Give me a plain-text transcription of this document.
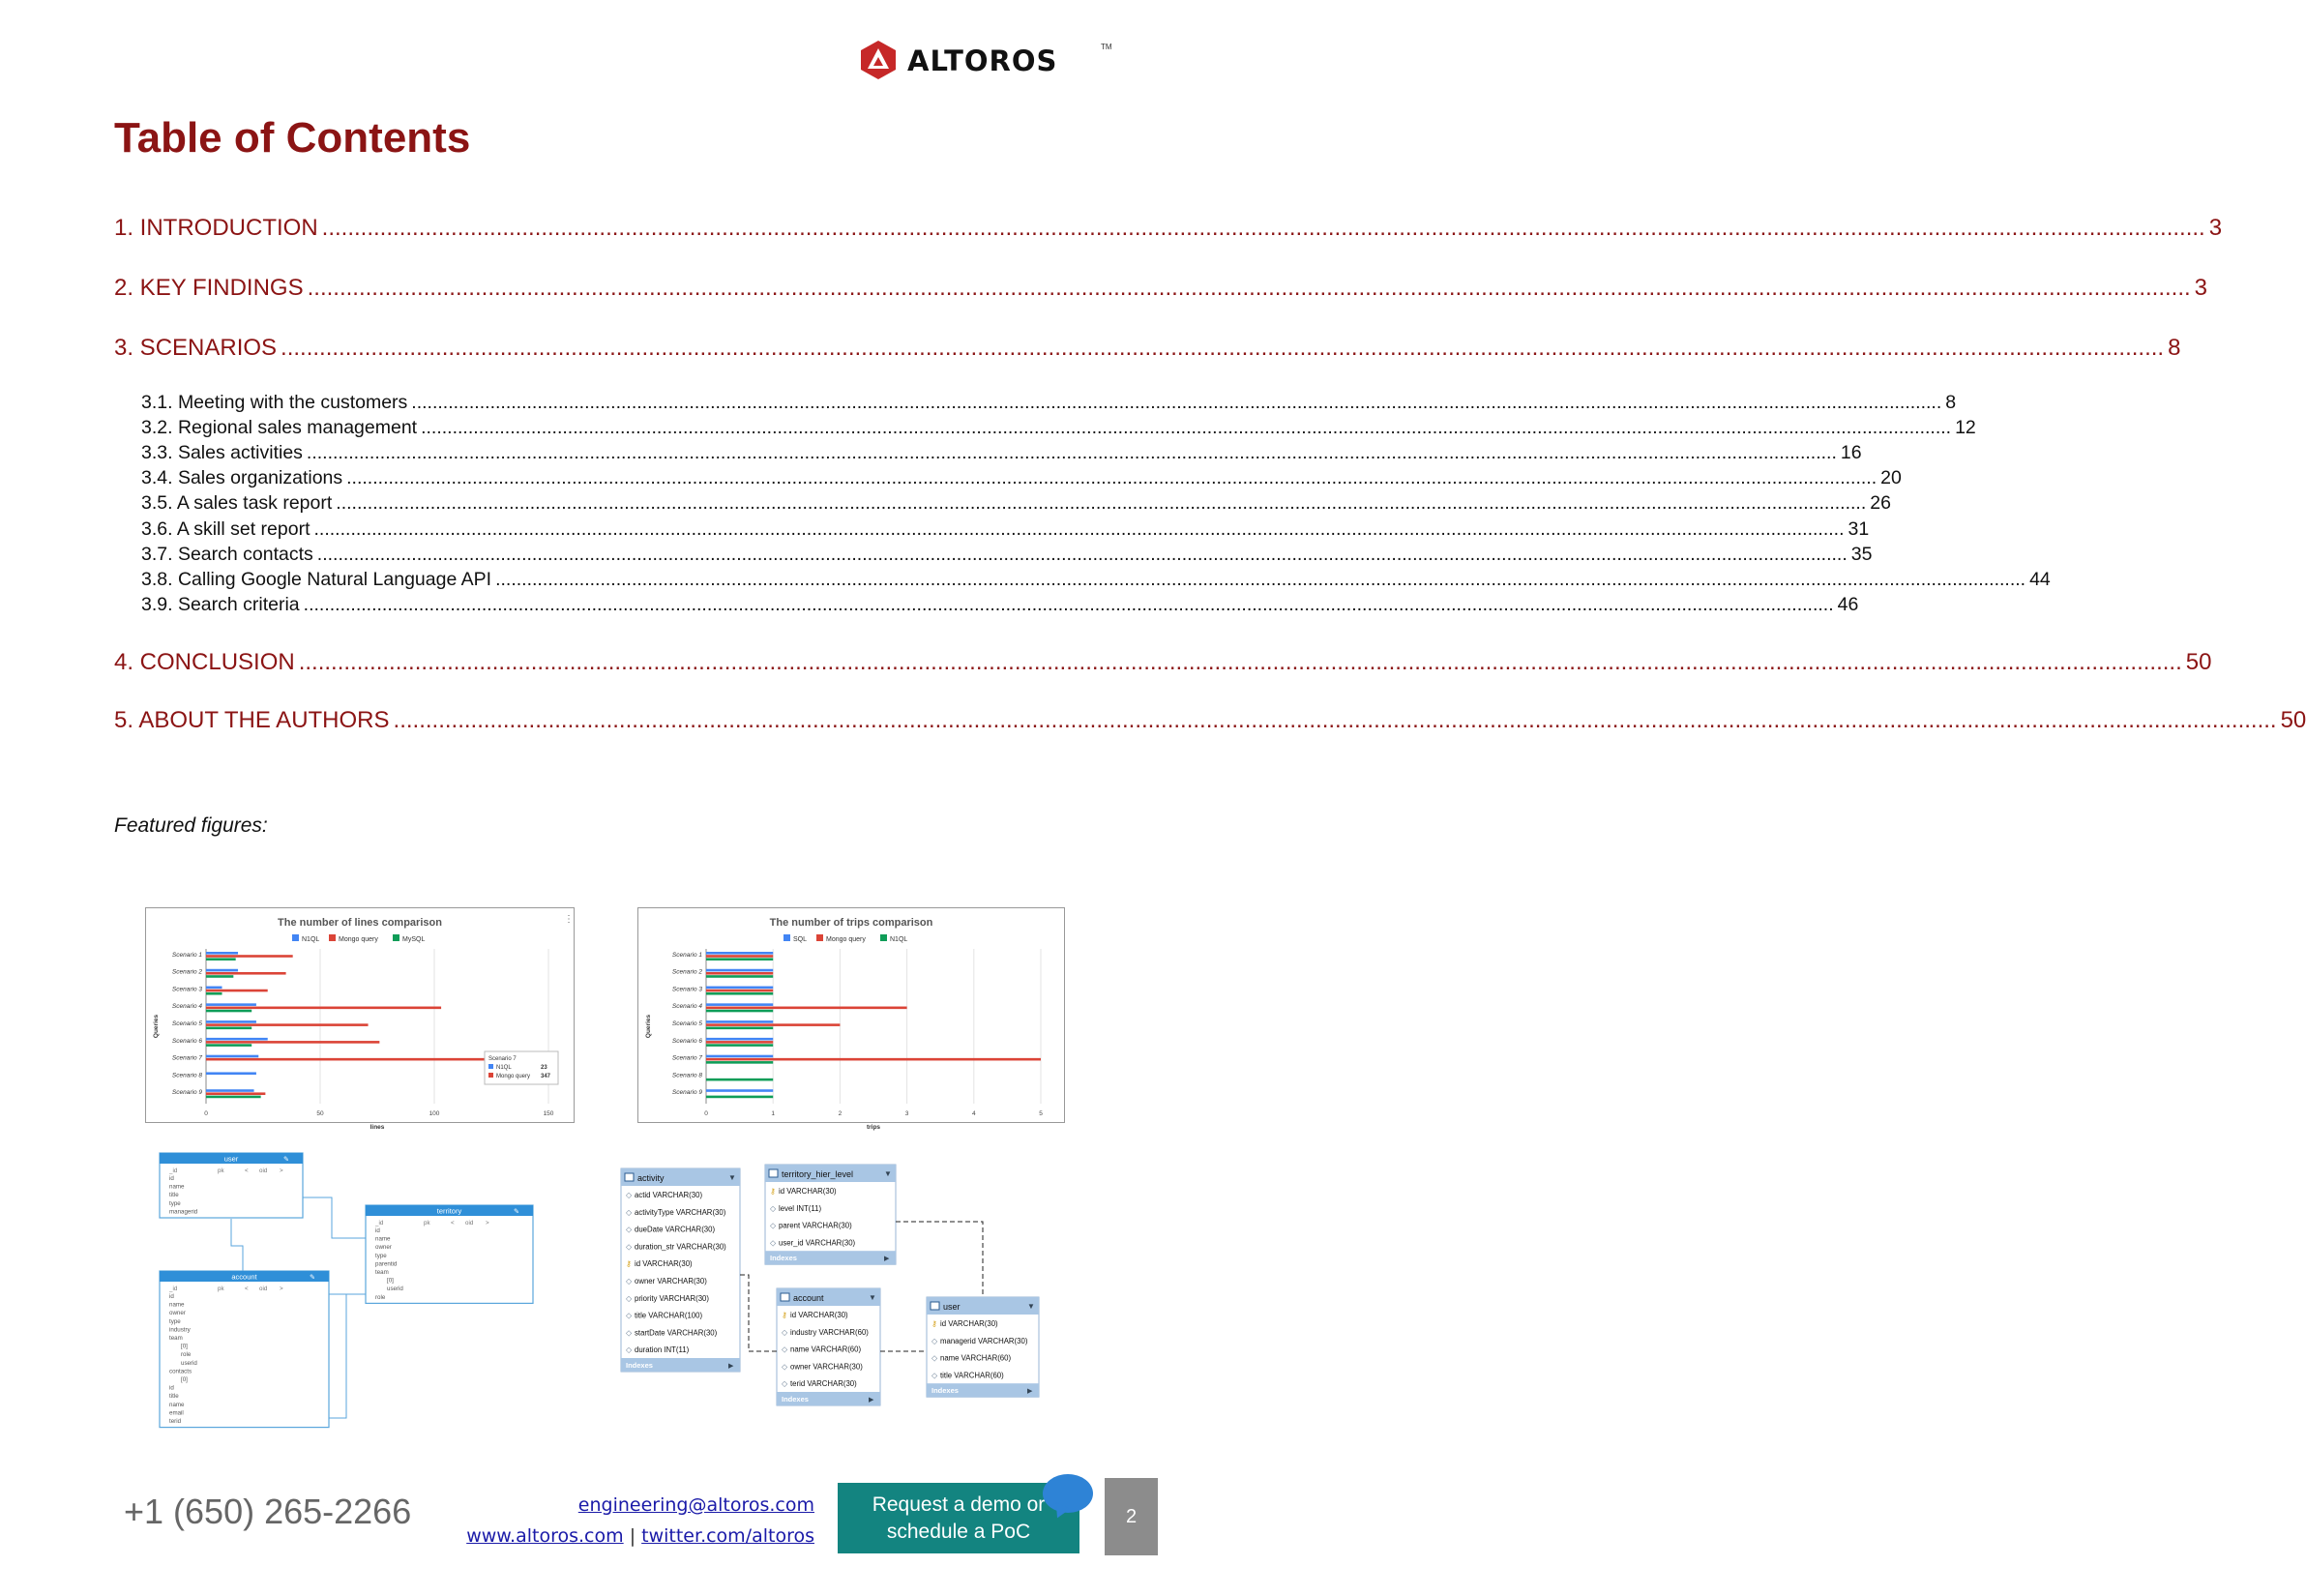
ALTOROS	TM
Table of Contents
1. INTRODUCTION .....	3
2. KEY FINDINGS .....	3
3. SCENARIOS .....	8
3.1. Meeting with the customers .....	8
3.2. Regional sales management .....	12
3.3. Sales activities .....	16
3.4. Sales organizations .....	20
3.5. A sales task report .....	26
3.6. A skill set report .....	31
3.7. Search contacts .....	35
3.8. Calling Google Natural Language API .....	44
3.9. Search criteria .....	46
4. CONCLUSION .....	50
5. ABOUT THE AUTHORS .....	50
Featured figures:
The number of lines comparison
N1QL	Mongo query	MySQL
0	50	100	150
lines
Queries
Scenario 1
Scenario 2
Scenario 3
Scenario 4
Scenario 5
Scenario 6
Scenario 7
Scenario 8
Scenario 9
Scenario 7
N1QL	23
Mongo query 347
⋮	The number of trips comparison
SQL	Mongo query	N1QL
0	1	2	3	4	5
trips
Queries
Scenario 1
Scenario 2
Scenario 3
Scenario 4
Scenario 5
Scenario 6
Scenario 7
Scenario 8
Scenario 9
user	✎
_id	pk	< oid >
id
name
title
type
managerid	territory	✎
_id	pk	< oid >
id
name
owner
type
parentid
team
[0]
userid
role
account	✎
_id	pk	< oid >
id
name
owner
type
industry
team
[0]
role
userid
contacts
[0]
id
title
name
email
terid
activity	▼
◇ actid VARCHAR(30)
◇ activityType VARCHAR(30)
◇ dueDate VARCHAR(30)
◇ duration_str VARCHAR(30)
⚷ id VARCHAR(30)
◇ owner VARCHAR(30)
◇ priority VARCHAR(30)
◇ title VARCHAR(100)
◇ startDate VARCHAR(30)
◇ duration INT(11)
Indexes	▶
territory_hier_level	▼
⚷ id VARCHAR(30)
◇ level INT(11)
◇ parent VARCHAR(30)
◇ user_id VARCHAR(30)
Indexes	▶
account	▼
⚷ id VARCHAR(30)
◇ industry VARCHAR(60)
◇ name VARCHAR(60)
◇ owner VARCHAR(30)
◇ terid VARCHAR(30)
Indexes	▶
user	▼
⚷ id VARCHAR(30)
◇ managerid VARCHAR(30)
◇ name VARCHAR(60)
◇ title VARCHAR(60)
Indexes	▶
+1 (650) 265-2266	engineering@altoros.com
www.altoros.com | twitter.com/altoros
Request a demo or
schedule a PoC
2
